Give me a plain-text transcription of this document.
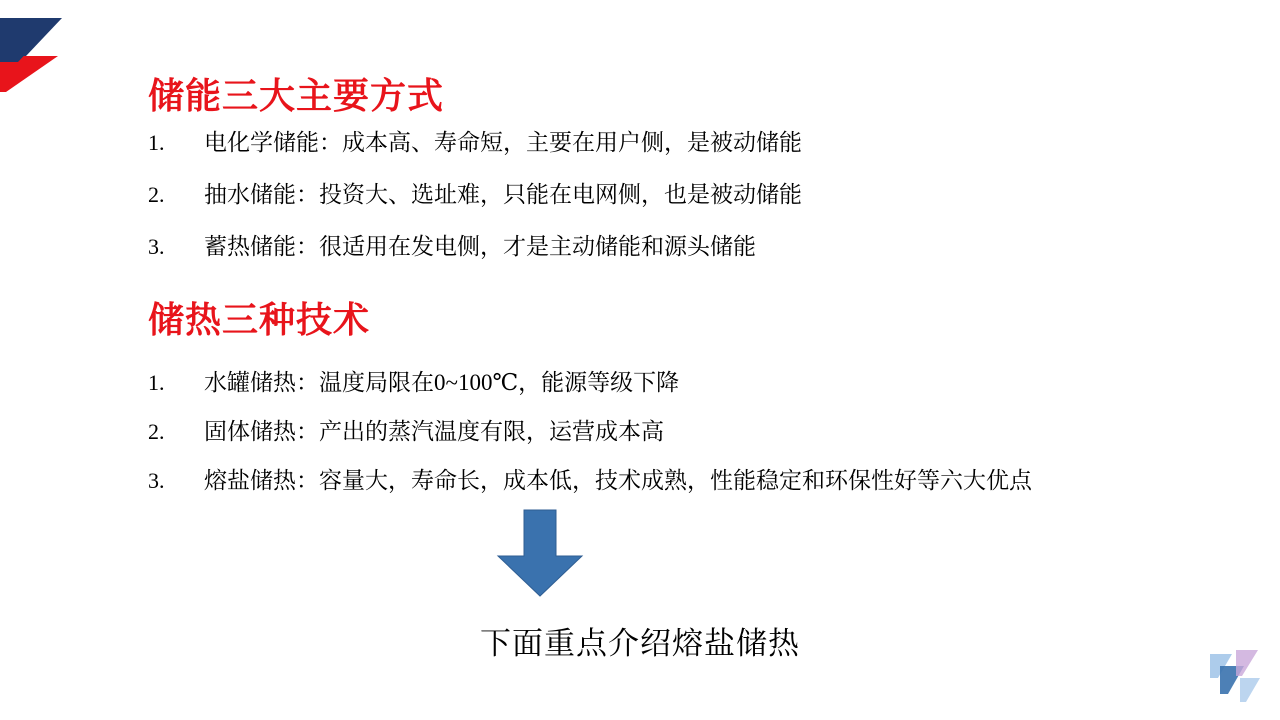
储能三大主要方式
1.	电化学储能：成本高、寿命短，主要在用户侧，是被动储能
2.	抽水储能：投资大、选址难，只能在电网侧，也是被动储能
3.	蓄热储能：很适用在发电侧，才是主动储能和源头储能
储热三种技术
1.	水罐储热：温度局限在0~100℃，能源等级下降
2.	固体储热：产出的蒸汽温度有限，运营成本高
3.	熔盐储热：容量大，寿命长，成本低，技术成熟，性能稳定和环保性好等六大优点
下面重点介绍熔盐储热
